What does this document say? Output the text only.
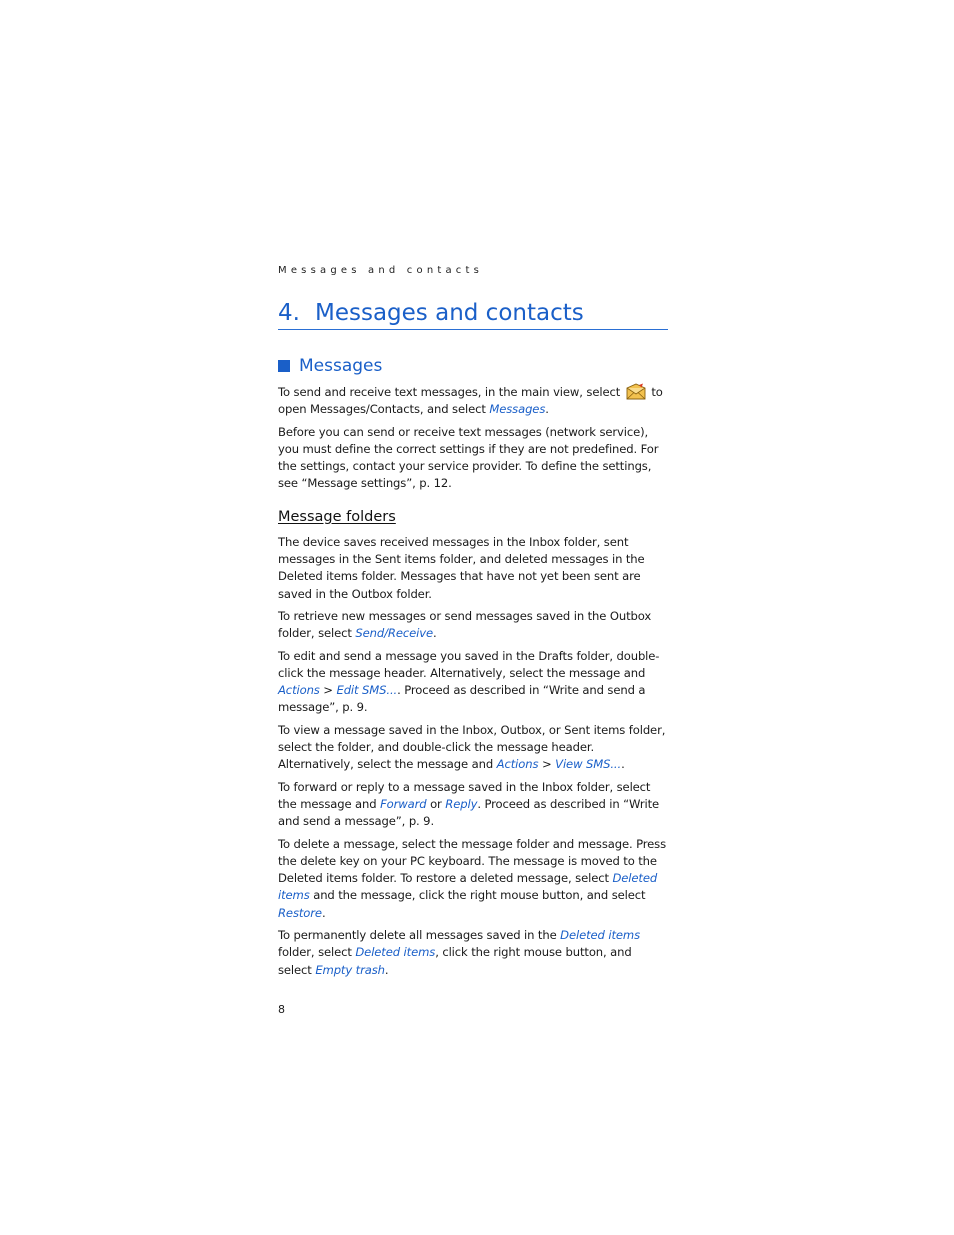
Messages and contacts
4. Messages and contacts
Messages

To send and receive text messages, in the main view, select	to open Messages/Contacts, and select Messages.

Before you can send or receive text messages (network service), you must define the correct settings if they are not predefined. For the settings, contact your service provider. To define the settings, see “Message settings”, p. 12.

Message folders

The device saves received messages in the Inbox folder, sent messages in the Sent items folder, and deleted messages in the Deleted items folder. Messages that have not yet been sent are saved in the Outbox folder.

To retrieve new messages or send messages saved in the Outbox folder, select Send/Receive.

To edit and send a message you saved in the Drafts folder, double-click the message header. Alternatively, select the message and Actions > Edit SMS.... Proceed as described in “Write and send a message”, p. 9.

To view a message saved in the Inbox, Outbox, or Sent items folder, select the folder, and double-click the message header. Alternatively, select the message and Actions > View SMS....

To forward or reply to a message saved in the Inbox folder, select the message and Forward or Reply. Proceed as described in “Write and send a message”, p. 9.

To delete a message, select the message folder and message. Press the delete key on your PC keyboard. The message is moved to the Deleted items folder. To restore a deleted message, select Deleted items and the message, click the right mouse button, and select Restore.

To permanently delete all messages saved in the Deleted items folder, select Deleted items, click the right mouse button, and select Empty trash.

8
